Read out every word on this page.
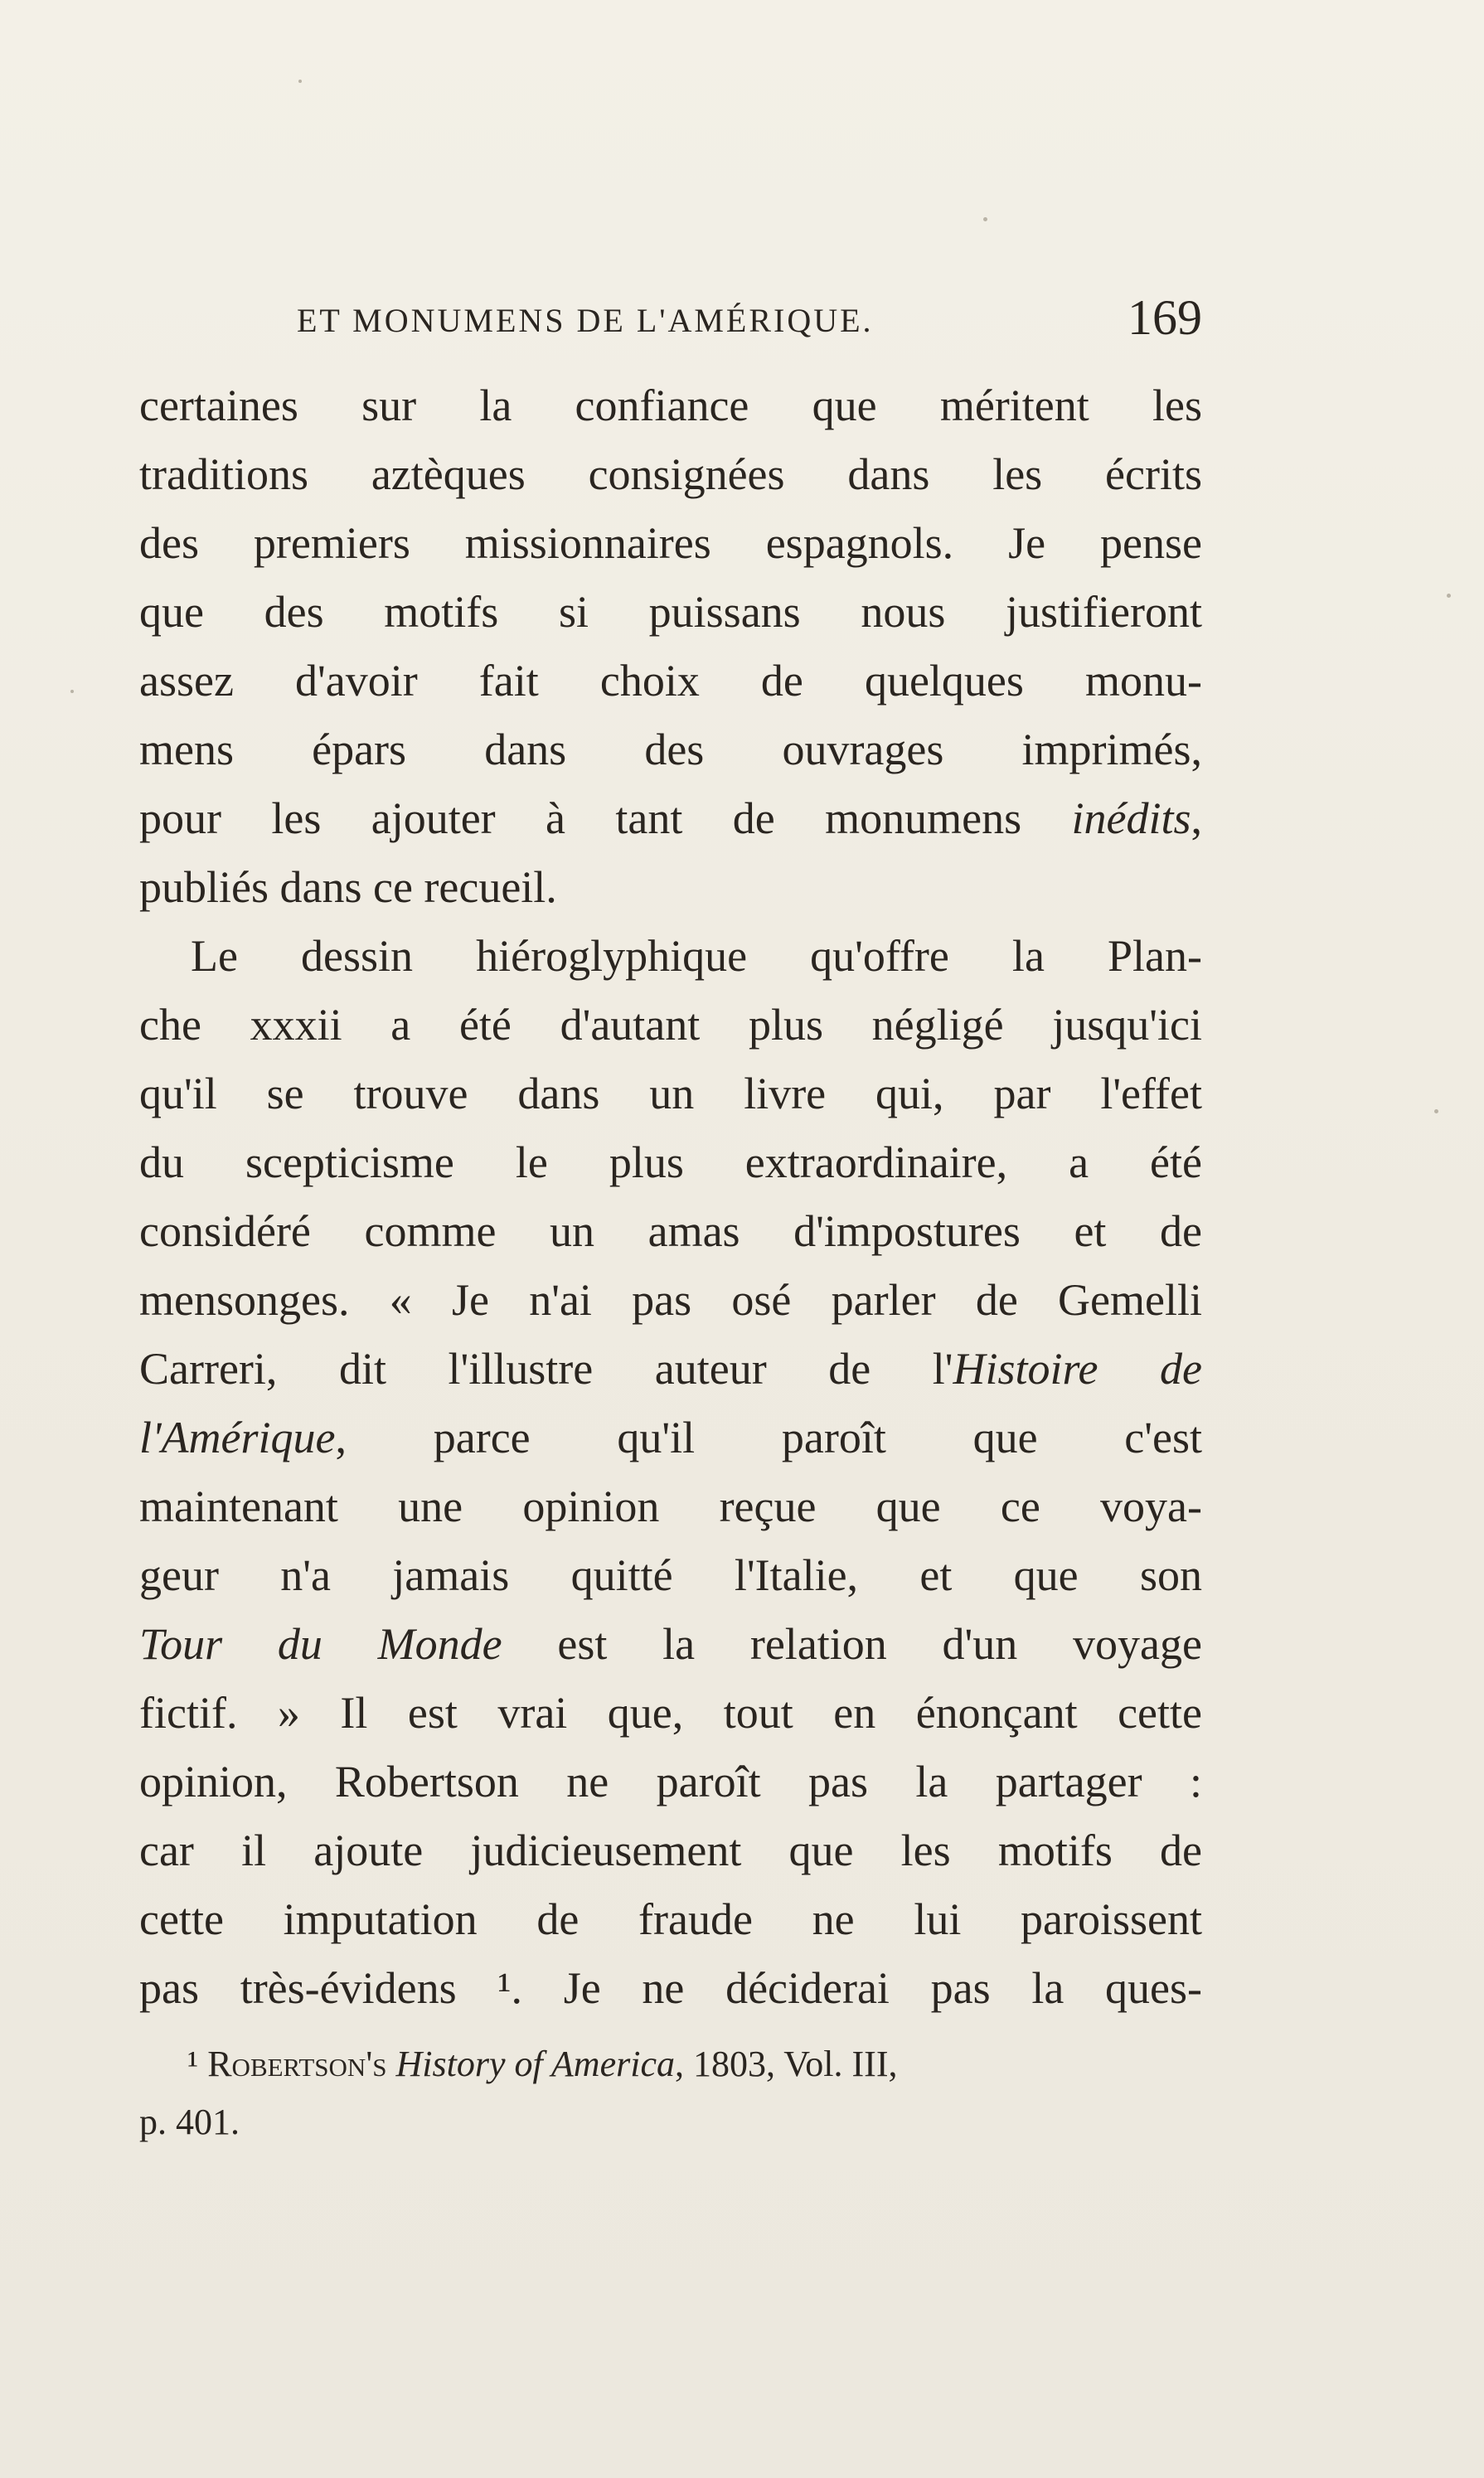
ET MONUMENS DE L'AMÉRIQUE.	169
certaines sur la confiance que méritent les
traditions aztèques consignées dans les écrits
des premiers missionnaires espagnols. Je pense
que des motifs si puissans nous justifieront
assez d'avoir fait choix de quelques monu-
mens épars dans des ouvrages imprimés,
pour les ajouter à tant de monumens inédits,
publiés dans ce recueil.
Le dessin hiéroglyphique qu'offre la Plan-
che xxxii a été d'autant plus négligé jusqu'ici
qu'il se trouve dans un livre qui, par l'effet
du scepticisme le plus extraordinaire, a été
considéré comme un amas d'impostures et de
mensonges. « Je n'ai pas osé parler de Gemelli
Carreri, dit l'illustre auteur de l'Histoire de
l'Amérique, parce qu'il paroît que c'est
maintenant une opinion reçue que ce voya-
geur n'a jamais quitté l'Italie, et que son
Tour du Monde est la relation d'un voyage
fictif. » Il est vrai que, tout en énonçant cette
opinion, Robertson ne paroît pas la partager :
car il ajoute judicieusement que les motifs de
cette imputation de fraude ne lui paroissent
pas très-évidens ¹. Je ne déciderai pas la ques-
¹ Robertson's History of America, 1803, Vol. III,
p. 401.
